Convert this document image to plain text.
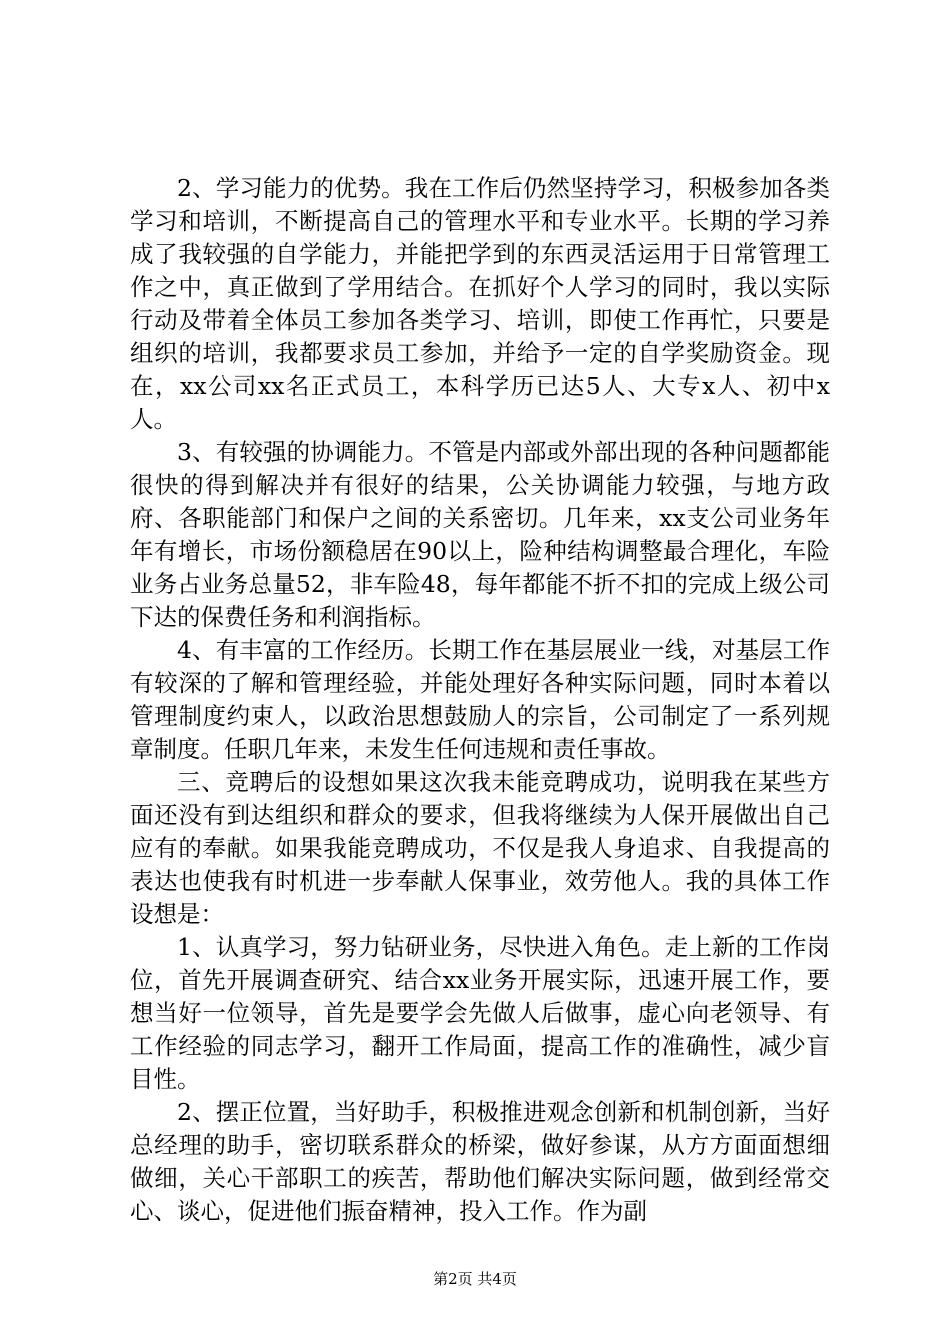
2、学习能力的优势。我在工作后仍然坚持学习，积极参加各类学习和培训，不断提高自己的管理水平和专业水平。长期的学习养成了我较强的自学能力，并能把学到的东西灵活运用于日常管理工作之中，真正做到了学用结合。在抓好个人学习的同时，我以实际行动及带着全体员工参加各类学习、培训，即使工作再忙，只要是组织的培训，我都要求员工参加，并给予一定的自学奖励资金。现在，xx公司xx名正式员工，本科学历已达5人、大专x人、初中x人。

3、有较强的协调能力。不管是内部或外部出现的各种问题都能很快的得到解决并有很好的结果，公关协调能力较强，与地方政府、各职能部门和保户之间的关系密切。几年来，xx支公司业务年年有增长，市场份额稳居在90以上，险种结构调整最合理化，车险业务占业务总量52，非车险48，每年都能不折不扣的完成上级公司下达的保费任务和利润指标。

4、有丰富的工作经历。长期工作在基层展业一线，对基层工作有较深的了解和管理经验，并能处理好各种实际问题，同时本着以管理制度约束人，以政治思想鼓励人的宗旨，公司制定了一系列规章制度。任职几年来，未发生任何违规和责任事故。

三、竞聘后的设想如果这次我未能竞聘成功，说明我在某些方面还没有到达组织和群众的要求，但我将继续为人保开展做出自己应有的奉献。如果我能竞聘成功，不仅是我人身追求、自我提高的表达也使我有时机进一步奉献人保事业，效劳他人。我的具体工作设想是：

1、认真学习，努力钻研业务，尽快进入角色。走上新的工作岗位，首先开展调查研究、结合xx业务开展实际，迅速开展工作，要想当好一位领导，首先是要学会先做人后做事，虚心向老领导、有工作经验的同志学习，翻开工作局面，提高工作的准确性，减少盲目性。

2、摆正位置，当好助手，积极推进观念创新和机制创新，当好总经理的助手，密切联系群众的桥梁，做好参谋，从方方面面想细做细，关心干部职工的疾苦，帮助他们解决实际问题，做到经常交心、谈心，促进他们振奋精神，投入工作。作为副

第2页 共4页
